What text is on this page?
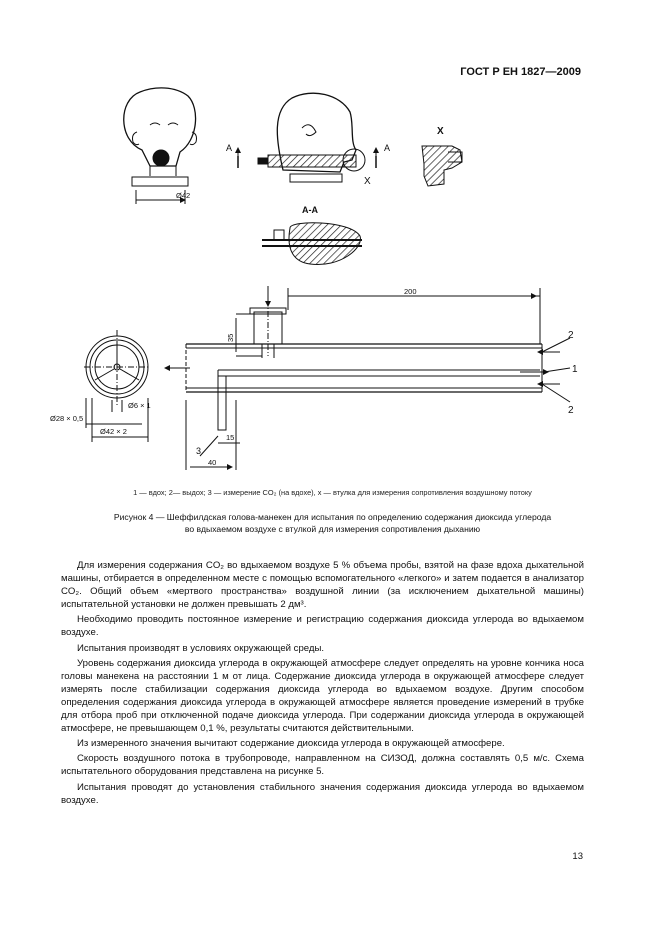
ГОСТ Р ЕН 1827—2009
Ø42
А	А
X
X
А-А
Ø28 × 0,5
Ø42 × 2
Ø6 × 1
200
35
40
15
3
2
1
2
1 — вдох; 2— выдох; 3 — измерение CO₂ (на вдохе), x — втулка для измерения сопротивления воздушному потоку
Рисунок 4 — Шеффилдская голова-манекен для испытания по определению содержания диоксида углерода
во вдыхаемом воздухе с втулкой для измерения сопротивления дыханию

Для измерения содержания CO₂ во вдыхаемом воздухе 5 % объема пробы, взятой на фазе вдоха дыхательной машины, отбирается в определенном месте с помощью вспомогательного «легкого» и затем подается в анализатор CO₂. Общий объем «мертвого пространства» воздушной линии (за исключением дыхательной машины) испытательной установки не должен превышать 2 дм³.

Необходимо проводить постоянное измерение и регистрацию содержания диоксида углерода во вдыхаемом воздухе.

Испытания производят в условиях окружающей среды.

Уровень содержания диоксида углерода в окружающей атмосфере следует определять на уровне кончика носа головы манекена на расстоянии 1 м от лица. Содержание диоксида углерода в окружающей атмосфере следует измерять после стабилизации содержания диоксида углерода во вдыхаемом воздухе. Другим способом определения содержания диоксида углерода в окружающей атмосфере является проведение измерений в трубке для отбора проб при отключенной подаче диоксида углерода. При содержании диоксида углерода в окружающей атмосфере, не превышающем 0,1 %, результаты считаются действительными.

Из измеренного значения вычитают содержание диоксида углерода в окружающей атмосфере.

Скорость воздушного потока в трубопроводе, направленном на СИЗОД, должна составлять 0,5 м/с. Схема испытательного оборудования представлена на рисунке 5.

Испытания проводят до установления стабильного значения содержания диоксида углерода во вдыхаемом воздухе.

13
